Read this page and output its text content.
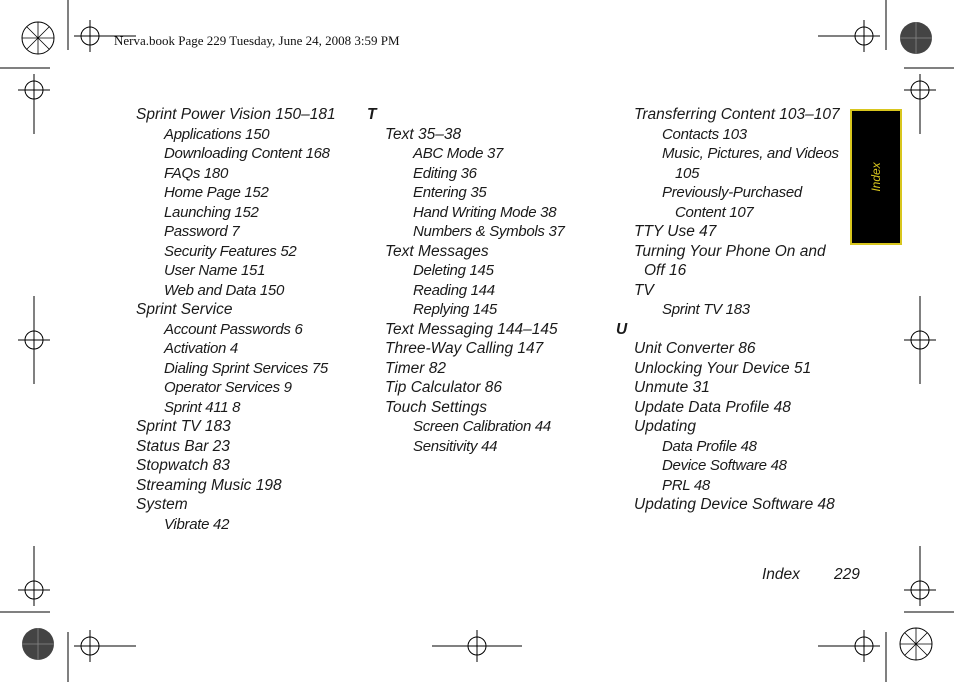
Nerva.book Page 229 Tuesday, June 24, 2008 3:59 PM
Sprint Power Vision 150–181
Applications 150
Downloading Content 168
FAQs 180
Home Page 152
Launching 152
Password 7
Security Features 52
User Name 151
Web and Data 150
Sprint Service
Account Passwords 6
Activation 4
Dialing Sprint Services 75
Operator Services 9
Sprint 411 8
Sprint TV 183
Status Bar 23
Stopwatch 83
Streaming Music 198
System
Vibrate 42
T
Text 35–38
ABC Mode 37
Editing 36
Entering 35
Hand Writing Mode 38
Numbers & Symbols 37
Text Messages
Deleting 145
Reading 144
Replying 145
Text Messaging 144–145
Three-Way Calling 147
Timer 82
Tip Calculator 86
Touch Settings
Screen Calibration 44
Sensitivity 44
Transferring Content 103–107
Contacts 103
Music, Pictures, and Videos
105
Previously-Purchased
Content 107
TTY Use 47
Turning Your Phone On and
Off 16
TV
Sprint TV 183
U
Unit Converter 86
Unlocking Your Device 51
Unmute 31
Update Data Profile 48
Updating
Data Profile 48
Device Software 48
PRL 48
Updating Device Software 48
Index
Index 229
